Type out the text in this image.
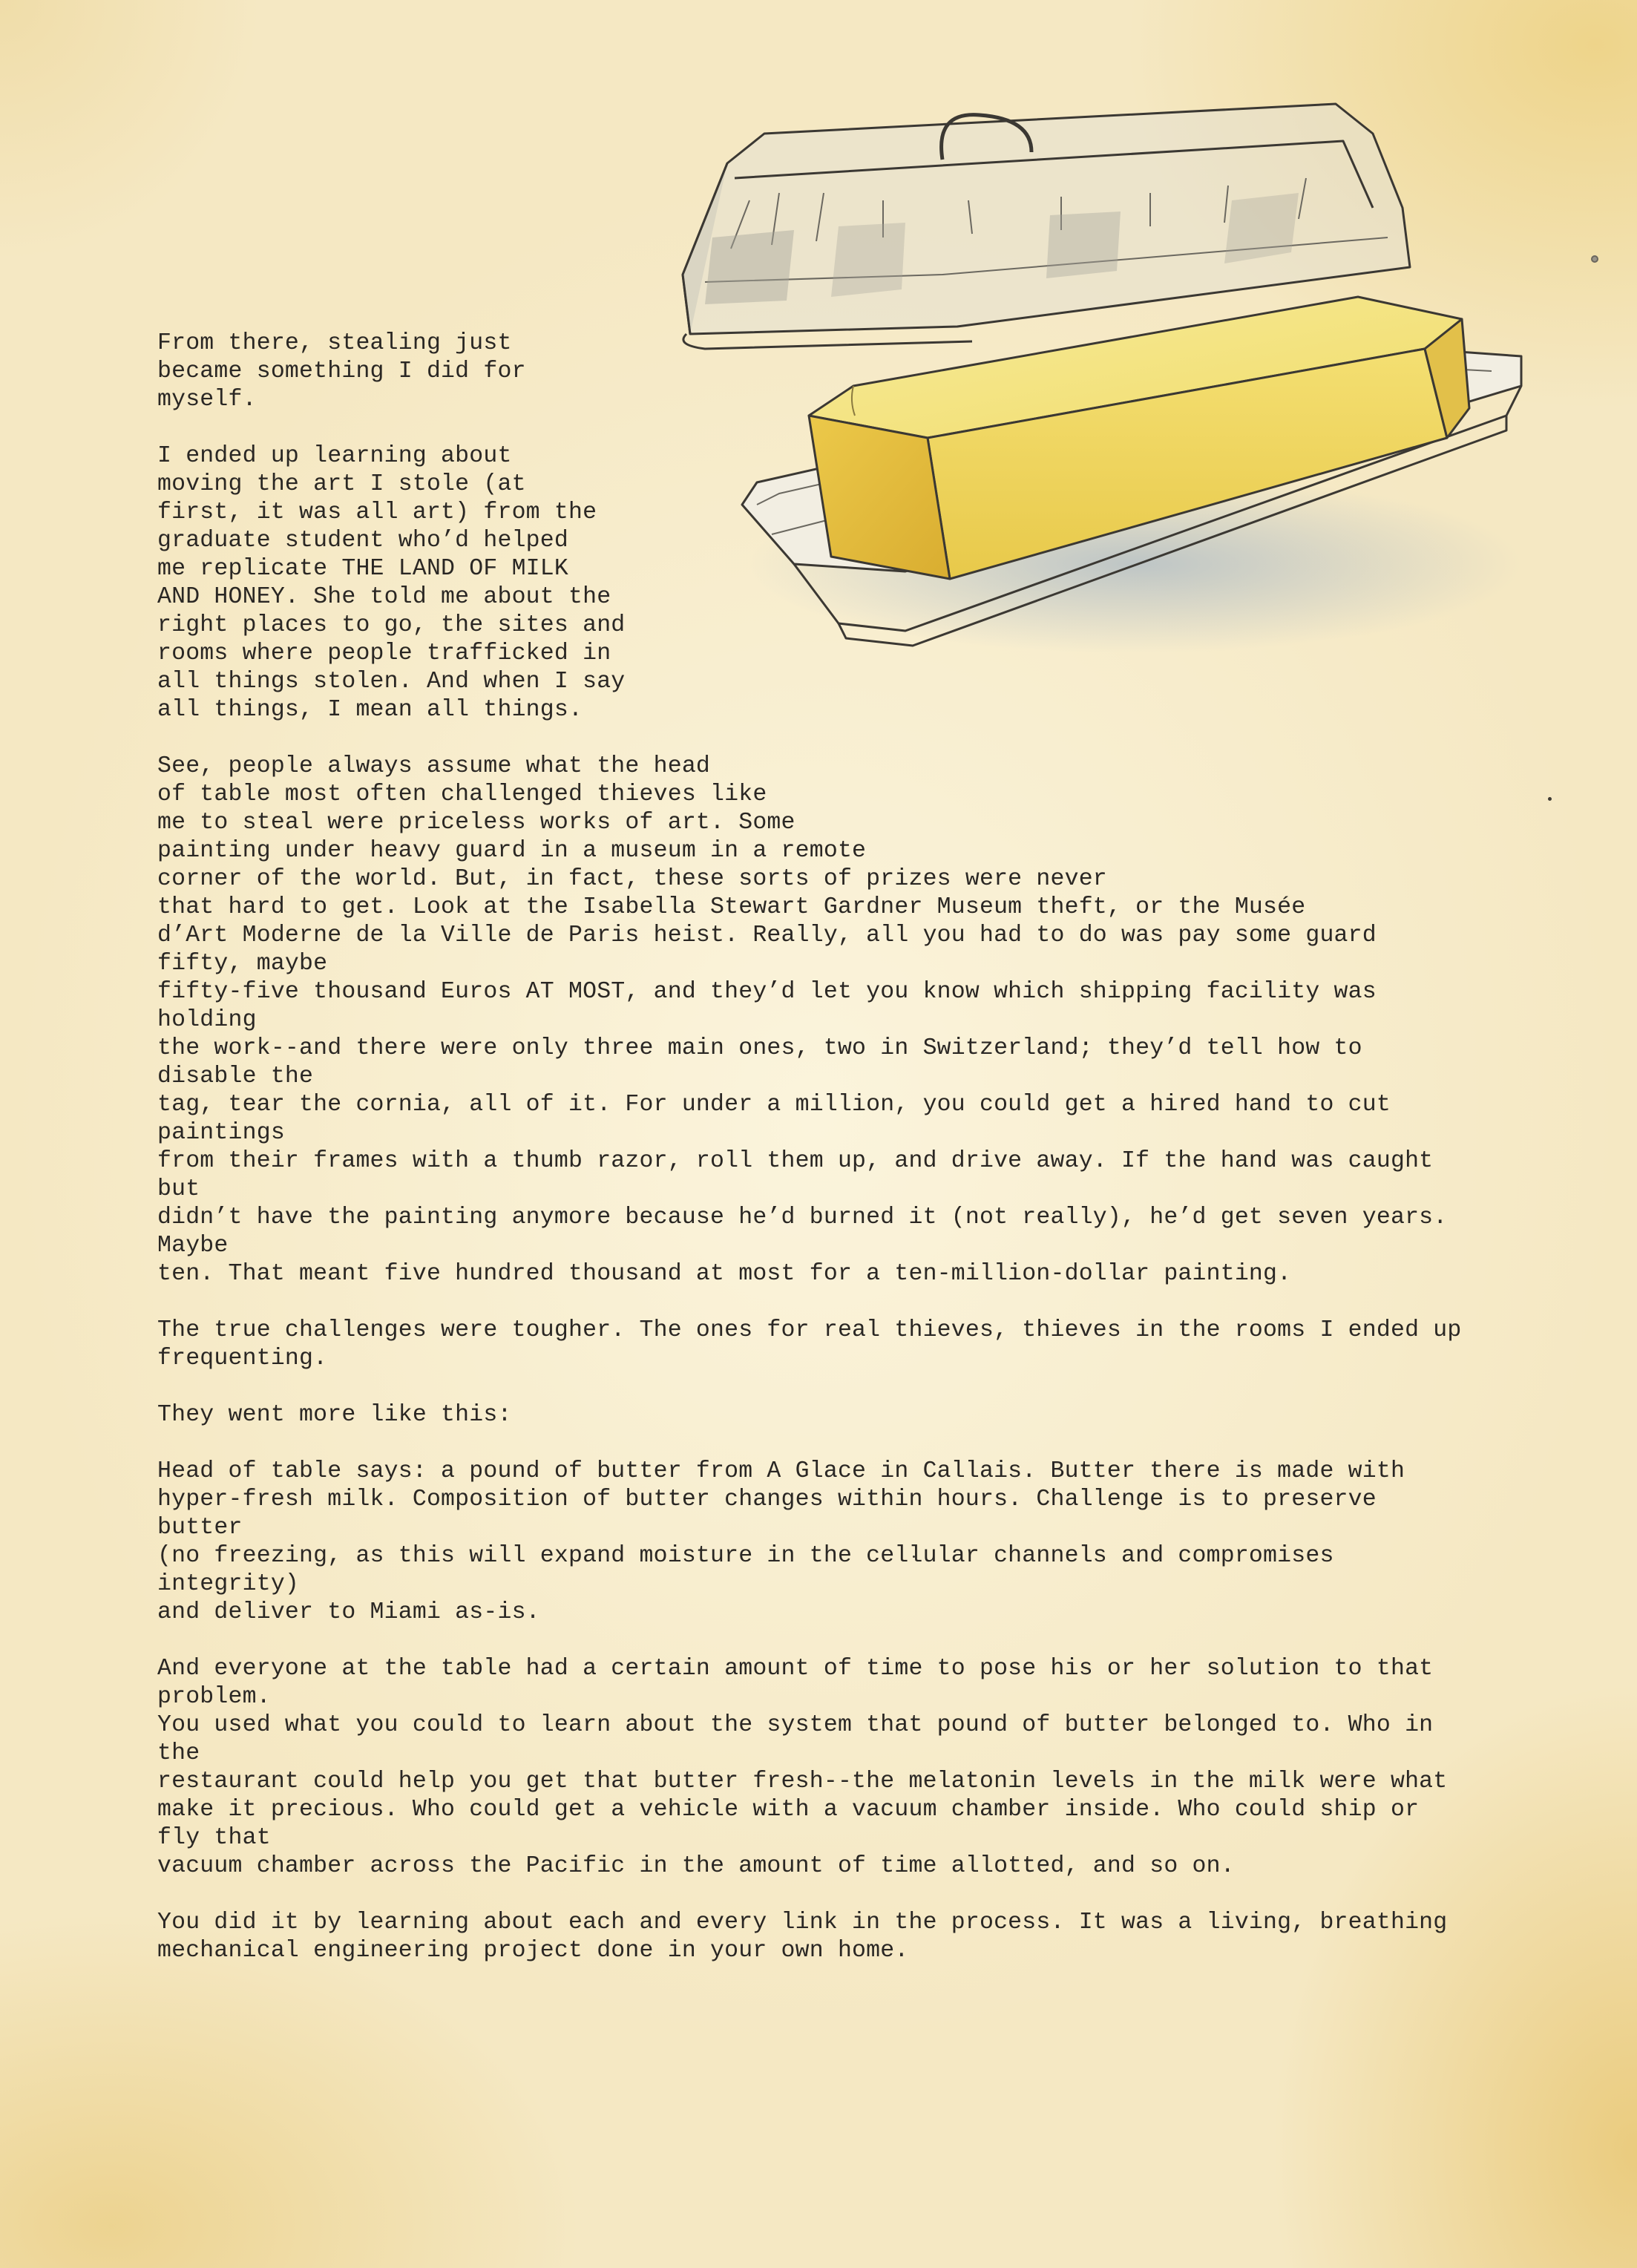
From there, stealing just
became something I did for
myself.

I ended up learning about
moving the art I stole (at
first, it was all art) from the
graduate student who’d helped
me replicate THE LAND OF MILK
AND HONEY. She told me about the
right places to go, the sites and
rooms where people trafficked in
all things stolen. And when I say
all things, I mean all things.

See, people always assume what the head
of table most often challenged thieves like
me to steal were priceless works of art. Some
painting under heavy guard in a museum in a remote
corner of the world. But, in fact, these sorts of prizes were never
that hard to get. Look at the Isabella Stewart Gardner Museum theft, or the Musée
d’Art Moderne de la Ville de Paris heist. Really, all you had to do was pay some guard fifty, maybe
fifty-five thousand Euros AT MOST, and they’d let you know which shipping facility was holding
the work--and there were only three main ones, two in Switzerland; they’d tell how to disable the
tag, tear the cornia, all of it. For under a million, you could get a hired hand to cut paintings
from their frames with a thumb razor, roll them up, and drive away. If the hand was caught but
didn’t have the painting anymore because he’d burned it (not really), he’d get seven years. Maybe
ten. That meant five hundred thousand at most for a ten-million-dollar painting.

The true challenges were tougher. The ones for real thieves, thieves in the rooms I ended up
frequenting.

They went more like this:

Head of table says: a pound of butter from A Glace in Callais. Butter there is made with
hyper-fresh milk. Composition of butter changes within hours. Challenge is to preserve butter
(no freezing, as this will expand moisture in the cellular channels and compromises integrity)
and deliver to Miami as-is.

And everyone at the table had a certain amount of time to pose his or her solution to that problem.
You used what you could to learn about the system that pound of butter belonged to. Who in the
restaurant could help you get that butter fresh--the melatonin levels in the milk were what
make it precious. Who could get a vehicle with a vacuum chamber inside. Who could ship or fly that
vacuum chamber across the Pacific in the amount of time allotted, and so on.

You did it by learning about each and every link in the process. It was a living, breathing
mechanical engineering project done in your own home.
